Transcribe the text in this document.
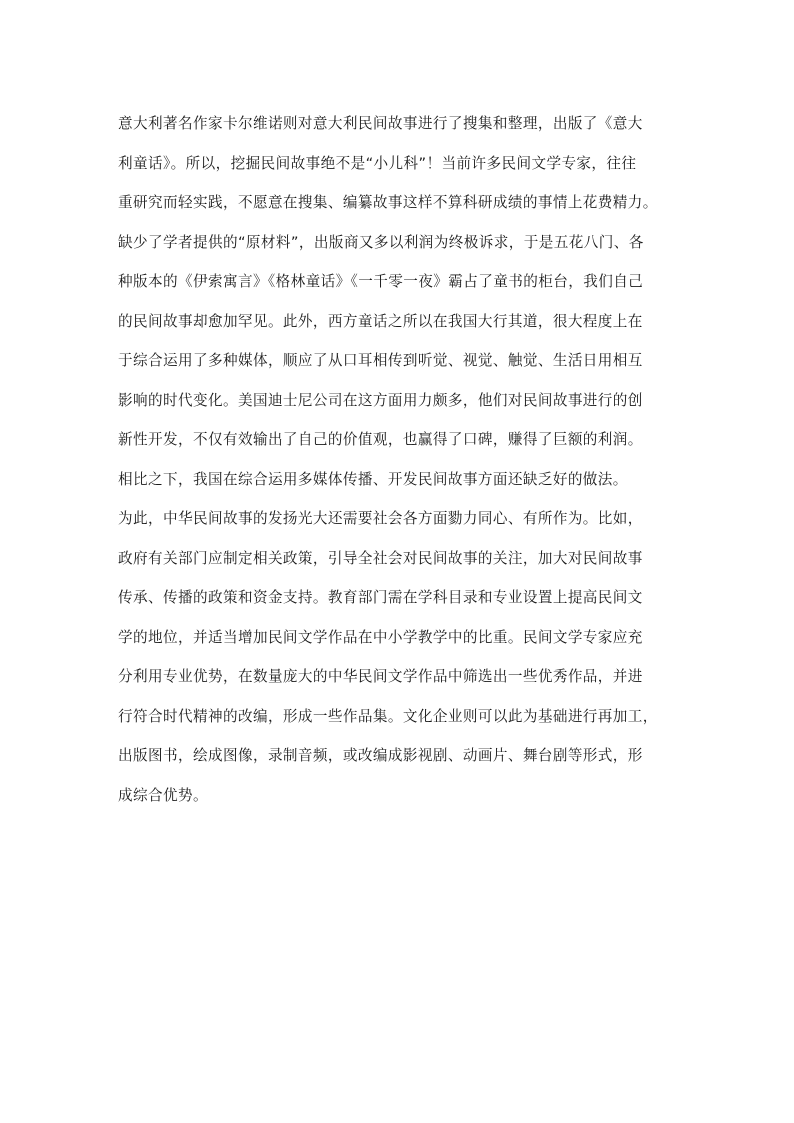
意大利著名作家卡尔维诺则对意大利民间故事进行了搜集和整理，出版了《意大
利童话》。所以，挖掘民间故事绝不是“小儿科”！当前许多民间文学专家，往往
重研究而轻实践，不愿意在搜集、编纂故事这样不算科研成绩的事情上花费精力。
缺少了学者提供的“原材料”，出版商又多以利润为终极诉求，于是五花八门、各
种版本的《伊索寓言》《格林童话》《一千零一夜》霸占了童书的柜台，我们自己
的民间故事却愈加罕见。此外，西方童话之所以在我国大行其道，很大程度上在
于综合运用了多种媒体，顺应了从口耳相传到听觉、视觉、触觉、生活日用相互
影响的时代变化。美国迪士尼公司在这方面用力颇多，他们对民间故事进行的创
新性开发，不仅有效输出了自己的价值观，也赢得了口碑，赚得了巨额的利润。
相比之下，我国在综合运用多媒体传播、开发民间故事方面还缺乏好的做法。
为此，中华民间故事的发扬光大还需要社会各方面勠力同心、有所作为。比如，
政府有关部门应制定相关政策，引导全社会对民间故事的关注，加大对民间故事
传承、传播的政策和资金支持。教育部门需在学科目录和专业设置上提高民间文
学的地位，并适当增加民间文学作品在中小学教学中的比重。民间文学专家应充
分利用专业优势，在数量庞大的中华民间文学作品中筛选出一些优秀作品，并进
行符合时代精神的改编，形成一些作品集。文化企业则可以此为基础进行再加工，
出版图书，绘成图像，录制音频，或改编成影视剧、动画片、舞台剧等形式，形
成综合优势。
